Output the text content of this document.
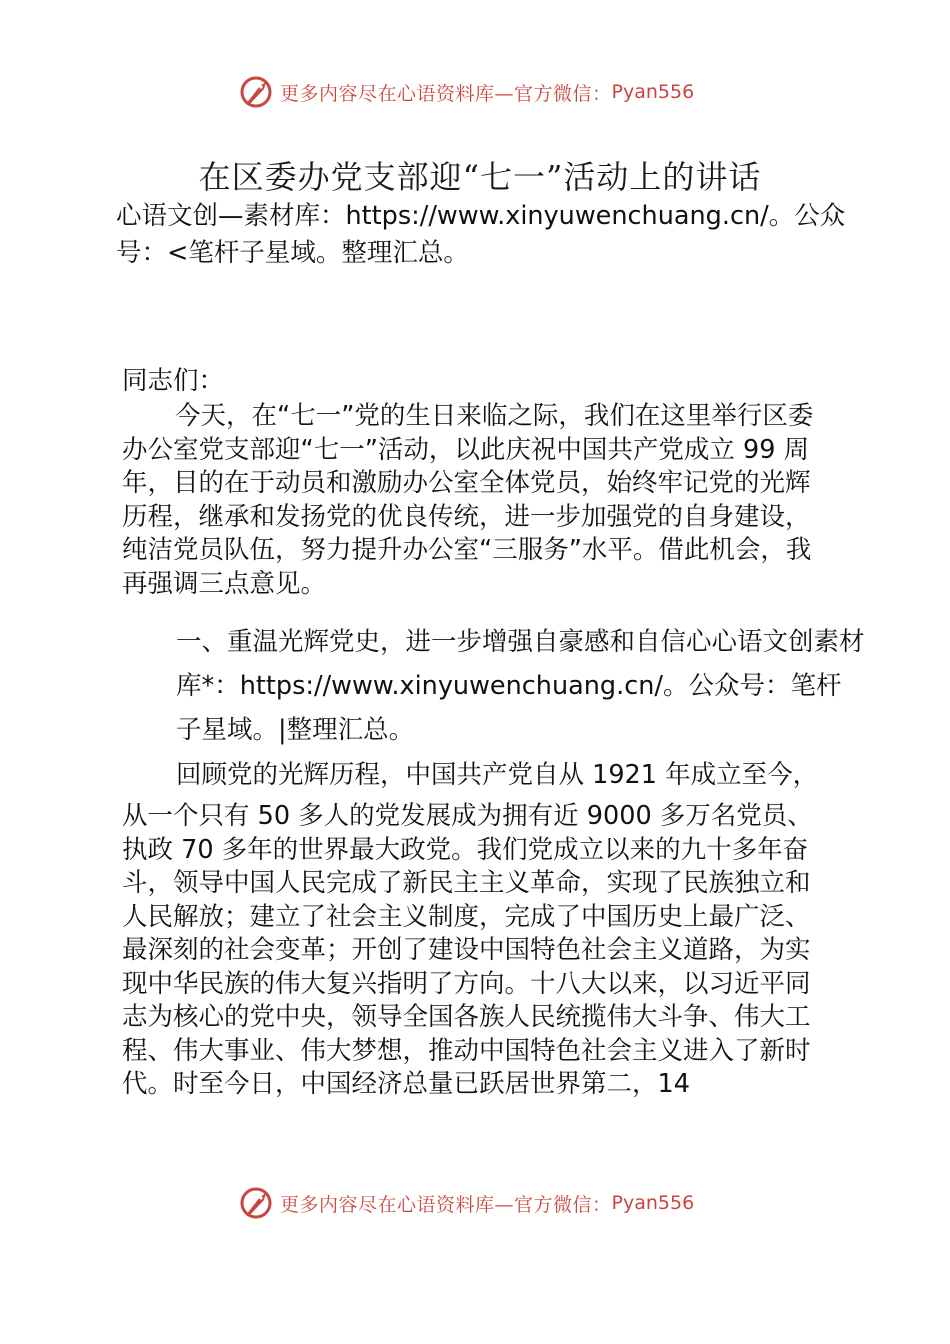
更多内容尽在心语资料库—官方微信： Pyan556
在区委办党支部迎“七一”活动上的讲话
心语文创—素材库：https://www.xinyuwenchuang.cn/。公众号：<笔杆子星域。整理汇总。

同志们：

今天，在“七一”党的生日来临之际，我们在这里举行区委办公室党支部迎“七一”活动，以此庆祝中国共产党成立 99 周年，目的在于动员和激励办公室全体党员，始终牢记党的光辉历程，继承和发扬党的优良传统，进一步加强党的自身建设，纯洁党员队伍，努力提升办公室“三服务”水平。借此机会，我再强调三点意见。

一、重温光辉党史，进一步增强自豪感和自信心心语文创素材库*：https://www.xinyuwenchuang.cn/。公众号：笔杆子星域。|整理汇总。

回顾党的光辉历程，中国共产党自从 1921 年成立至今，

从一个只有 50 多人的党发展成为拥有近 9000 多万名党员、执政 70 多年的世界最大政党。我们党成立以来的九十多年奋斗，领导中国人民完成了新民主主义革命，实现了民族独立和人民解放；建立了社会主义制度，完成了中国历史上最广泛、最深刻的社会变革；开创了建设中国特色社会主义道路，为实现中华民族的伟大复兴指明了方向。十八大以来，以习近平同志为核心的党中央，领导全国各族人民统揽伟大斗争、伟大工程、伟大事业、伟大梦想，推动中国特色社会主义进入了新时代。时至今日，中国经济总量已跃居世界第二，14

更多内容尽在心语资料库—官方微信： Pyan556
